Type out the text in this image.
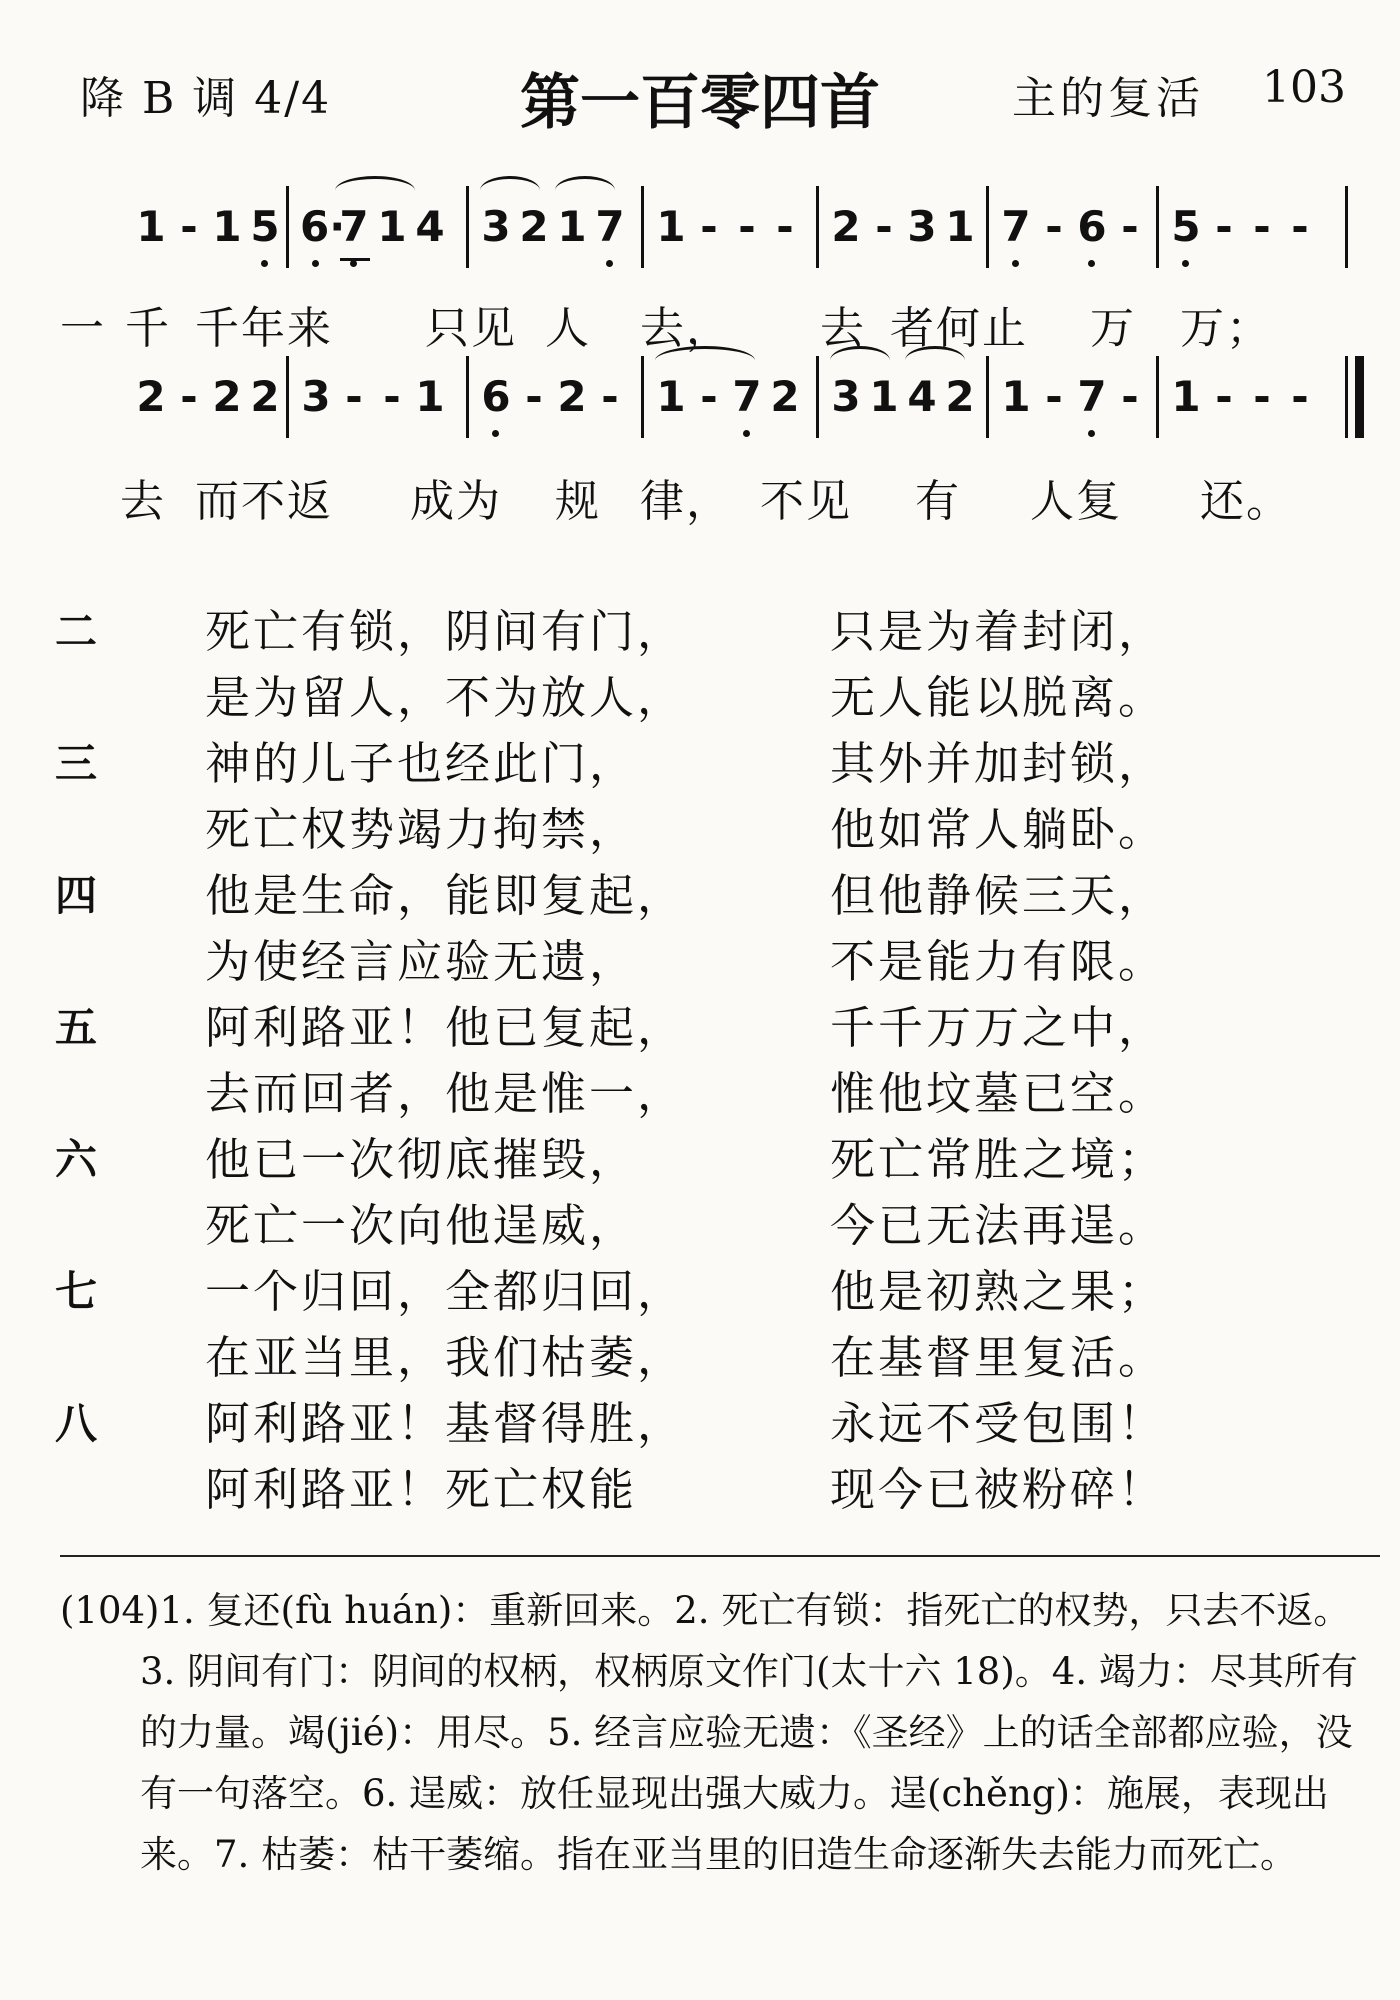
降 B 调 4/4	第一百零四首	主的复活 103
1 - 1 5 6·
7 1 4 3 2 1 7 1 - - - 2 - 3 1 7 - 6 - 5 - - -
一 千 千年来 只见 人 去， 去 者何止 万 万；
2 - 2 2 3 - - 1 6 - 2 - 1 - 7 2 3 1 4 2 1 - 7 - 1 - - -
去 而不返 成为 规 律， 不见 有 人复 还。
二 死亡有锁，阴间有门，	只是为着封闭，
是为留人，不为放人，	无人能以脱离。
三 神的儿子也经此门，	其外并加封锁，
死亡权势竭力拘禁，	他如常人躺卧。
四 他是生命，能即复起，	但他静候三天，
为使经言应验无遗，	不是能力有限。
五 阿利路亚！他已复起，	千千万万之中，
去而回者，他是惟一，	惟他坟墓已空。
六 他已一次彻底摧毁，	死亡常胜之境；
死亡一次向他逞威，	今已无法再逞。
七 一个归回，全都归回，	他是初熟之果；
在亚当里，我们枯萎，	在基督里复活。
八 阿利路亚！基督得胜，	永远不受包围！
阿利路亚！死亡权能	现今已被粉碎！

(104)1. 复还(fù huán)：重新回来。2. 死亡有锁：指死亡的权势，只去不返。3. 阴间有门：阴间的权柄，权柄原文作门(太十六 18)。4. 竭力：尽其所有的力量。竭(jié)：用尽。5. 经言应验无遗：《圣经》上的话全部都应验，没有一句落空。6. 逞威：放任显现出强大威力。逞(chěng)：施展，表现出来。7. 枯萎：枯干萎缩。指在亚当里的旧造生命逐渐失去能力而死亡。
